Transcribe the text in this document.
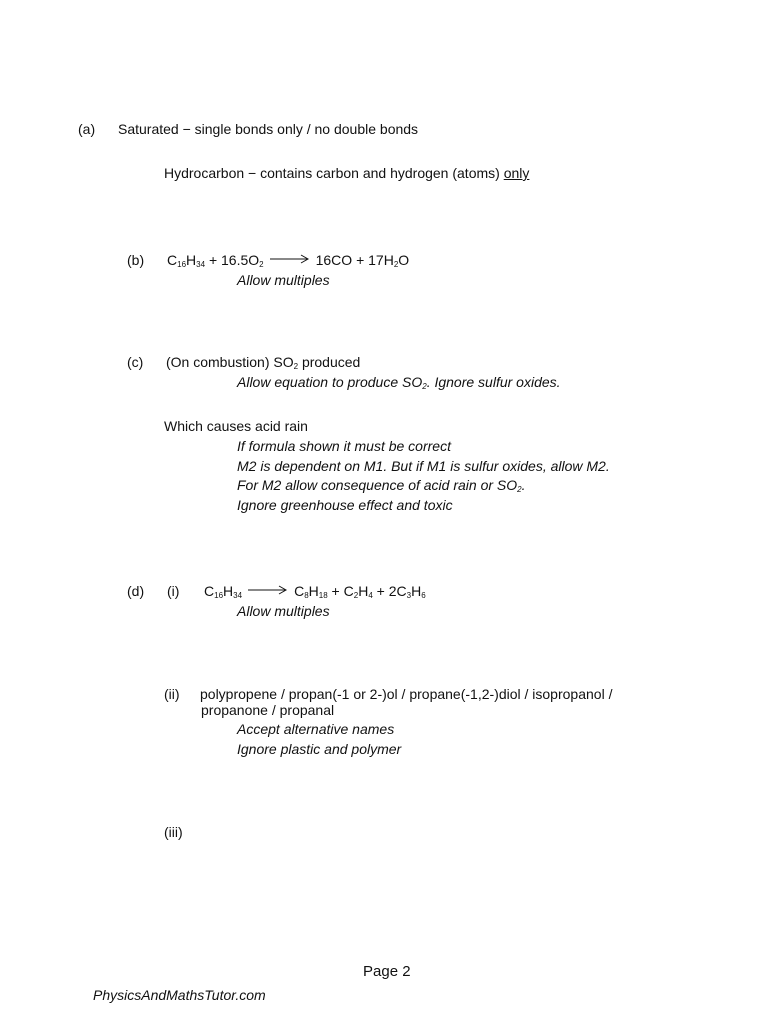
(a) Saturated − single bonds only / no double bonds
Hydrocarbon − contains carbon and hydrogen (atoms) only
(b) $C_{16}H_{34} + 16.5O_2 \to 16CO + 17H_2O$
Allow multiples
(c) (On combustion) $SO_2$ produced
Allow equation to produce $SO_2$. Ignore sulfur oxides.
Which causes acid rain
If formula shown it must be correct
M2 is dependent on M1. But if M1 is sulfur oxides, allow M2.
For M2 allow consequence of acid rain or $SO_2$.
Ignore greenhouse effect and toxic
(d) (i) $C_{16}H_{34} \to C_8H_{18} + C_2H_4 + 2C_3H_6$
Allow multiples
(ii) polypropene / propan(-1 or 2-)ol / propane(-1,2-)diol / isopropanol /
propanone / propanal
Accept alternative names
Ignore plastic and polymer
(iii)
Page 2
PhysicsAndMathsTutor.com
